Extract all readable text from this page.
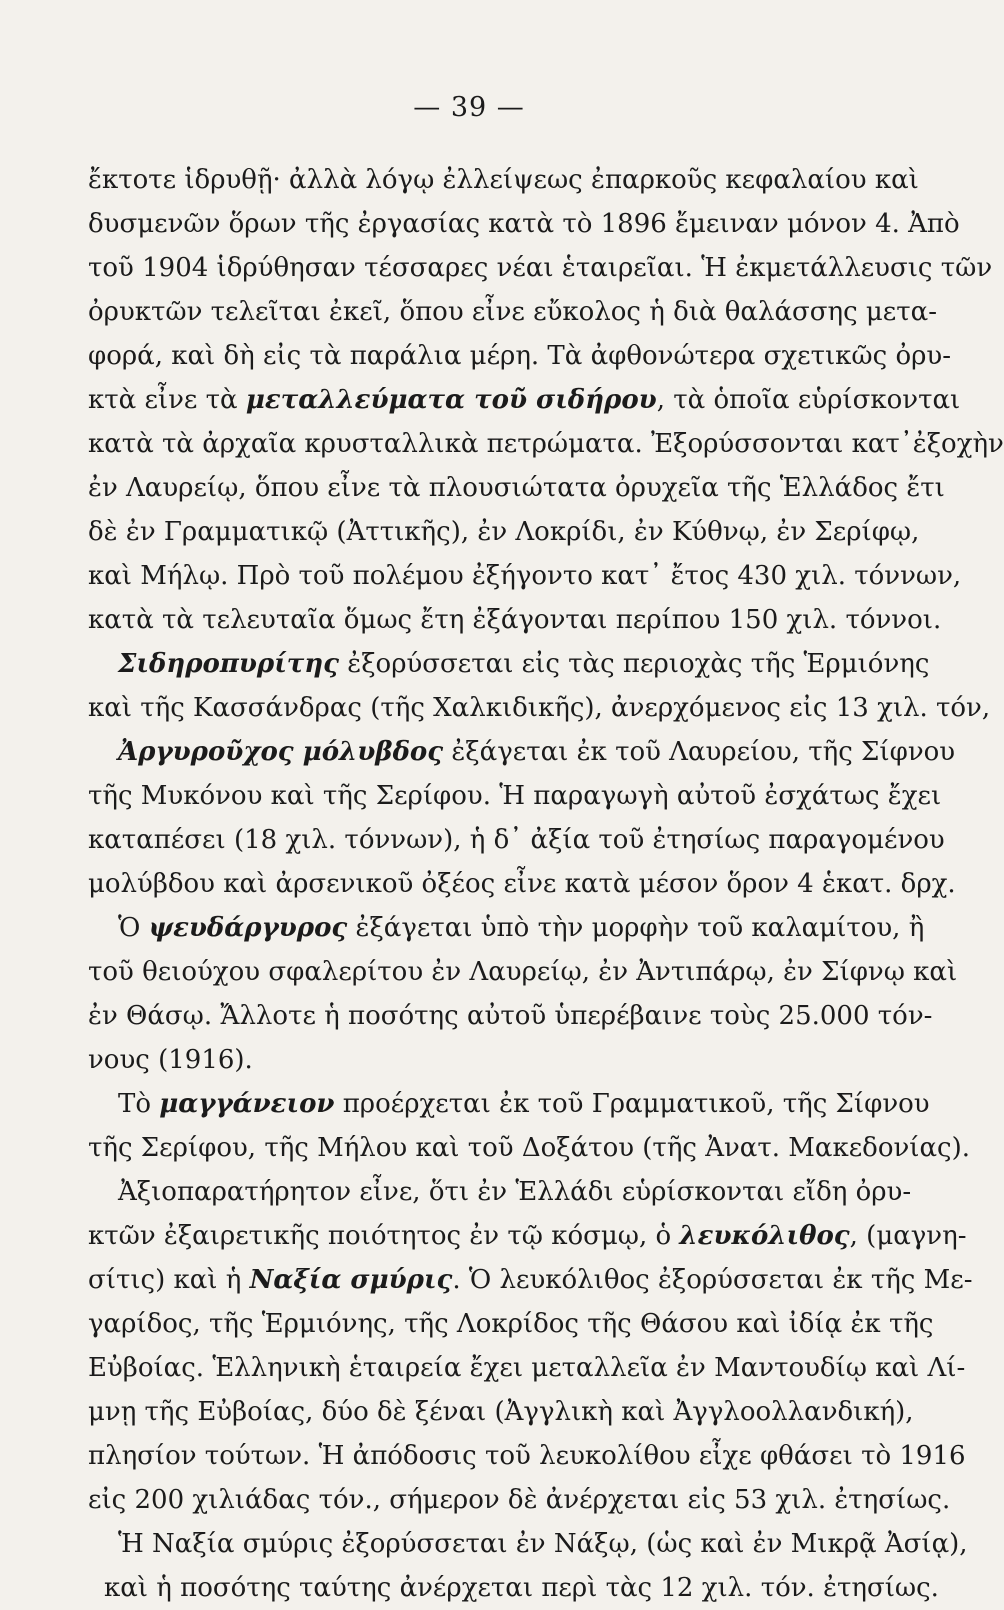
— 39 —
ἔκτοτε ἱδρυθῇ· ἀλλὰ λόγῳ ἐλλείψεως ἐπαρκοῦς κεφαλαίου καὶ
δυσμενῶν ὅρων τῆς ἐργασίας κατὰ τὸ 1896 ἔμειναν μόνον 4. Ἀπὸ
τοῦ 1904 ἱδρύθησαν τέσσαρες νέαι ἑταιρεῖαι. Ἡ ἐκμετάλλευσις τῶν
ὀρυκτῶν τελεῖται ἐκεῖ, ὅπου εἶνε εὔκολος ἡ διὰ θαλάσσης μετα-
φορά, καὶ δὴ εἰς τὰ παράλια μέρη. Τὰ ἀφθονώτερα σχετικῶς ὀρυ-
κτὰ εἶνε τὰ μεταλλεύματα τοῦ σιδήρου, τὰ ὁποῖα εὑρίσκονται
κατὰ τὰ ἀρχαῖα κρυσταλλικὰ πετρώματα. Ἐξορύσσονται κατ᾽ἐξοχὴν
ἐν Λαυρείῳ, ὅπου εἶνε τὰ πλουσιώτατα ὀρυχεῖα τῆς Ἑλλάδος ἔτι
δὲ ἐν Γραμματικῷ (Ἀττικῆς), ἐν Λοκρίδι, ἐν Κύθνῳ, ἐν Σερίφῳ,
καὶ Μήλῳ. Πρὸ τοῦ πολέμου ἐξήγοντο κατ᾽ ἔτος 430 χιλ. τόννων,
κατὰ τὰ τελευταῖα ὅμως ἔτη ἐξάγονται περίπου 150 χιλ. τόννοι.
Σιδηροπυρίτης ἐξορύσσεται εἰς τὰς περιοχὰς τῆς Ἑρμιόνης
καὶ τῆς Κασσάνδρας (τῆς Χαλκιδικῆς), ἀνερχόμενος εἰς 13 χιλ. τόν,
Ἀργυροῦχος μόλυβδος ἐξάγεται ἐκ τοῦ Λαυρείου, τῆς Σίφνου
τῆς Μυκόνου καὶ τῆς Σερίφου. Ἡ παραγωγὴ αὐτοῦ ἐσχάτως ἔχει
καταπέσει (18 χιλ. τόννων), ἡ δ᾽ ἀξία τοῦ ἐτησίως παραγομένου
μολύβδου καὶ ἀρσενικοῦ ὀξέος εἶνε κατὰ μέσον ὅρον 4 ἑκατ. δρχ.
Ὁ ψευδάργυρος ἐξάγεται ὑπὸ τὴν μορφὴν τοῦ καλαμίτου, ἢ
τοῦ θειούχου σφαλερίτου ἐν Λαυρείῳ, ἐν Ἀντιπάρῳ, ἐν Σίφνῳ καὶ
ἐν Θάσῳ. Ἄλλοτε ἡ ποσότης αὐτοῦ ὑπερέβαινε τοὺς 25.000 τόν-
νους (1916).
Τὸ μαγγάνειον προέρχεται ἐκ τοῦ Γραμματικοῦ, τῆς Σίφνου
τῆς Σερίφου, τῆς Μήλου καὶ τοῦ Δοξάτου (τῆς Ἀνατ. Μακεδονίας).
Ἀξιοπαρατήρητον εἶνε, ὅτι ἐν Ἑλλάδι εὑρίσκονται εἴδη ὀρυ-
κτῶν ἐξαιρετικῆς ποιότητος ἐν τῷ κόσμῳ, ὁ λευκόλιθος, (μαγνη-
σίτις) καὶ ἡ Ναξία σμύρις. Ὁ λευκόλιθος ἐξορύσσεται ἐκ τῆς Με-
γαρίδος, τῆς Ἑρμιόνης, τῆς Λοκρίδος τῆς Θάσου καὶ ἰδίᾳ ἐκ τῆς
Εὐβοίας. Ἑλληνικὴ ἑταιρεία ἔχει μεταλλεῖα ἐν Μαντουδίῳ καὶ Λί-
μνῃ τῆς Εὐβοίας, δύο δὲ ξέναι (Ἀγγλικὴ καὶ Ἀγγλοολλανδική),
πλησίον τούτων. Ἡ ἀπόδοσις τοῦ λευκολίθου εἶχε φθάσει τὸ 1916
εἰς 200 χιλιάδας τόν., σήμερον δὲ ἀνέρχεται εἰς 53 χιλ. ἐτησίως.
Ἡ Ναξία σμύρις ἐξορύσσεται ἐν Νάξῳ, (ὡς καὶ ἐν Μικρᾷ Ἀσίᾳ),
καὶ ἡ ποσότης ταύτης ἀνέρχεται περὶ τὰς 12 χιλ. τόν. ἐτησίως.
